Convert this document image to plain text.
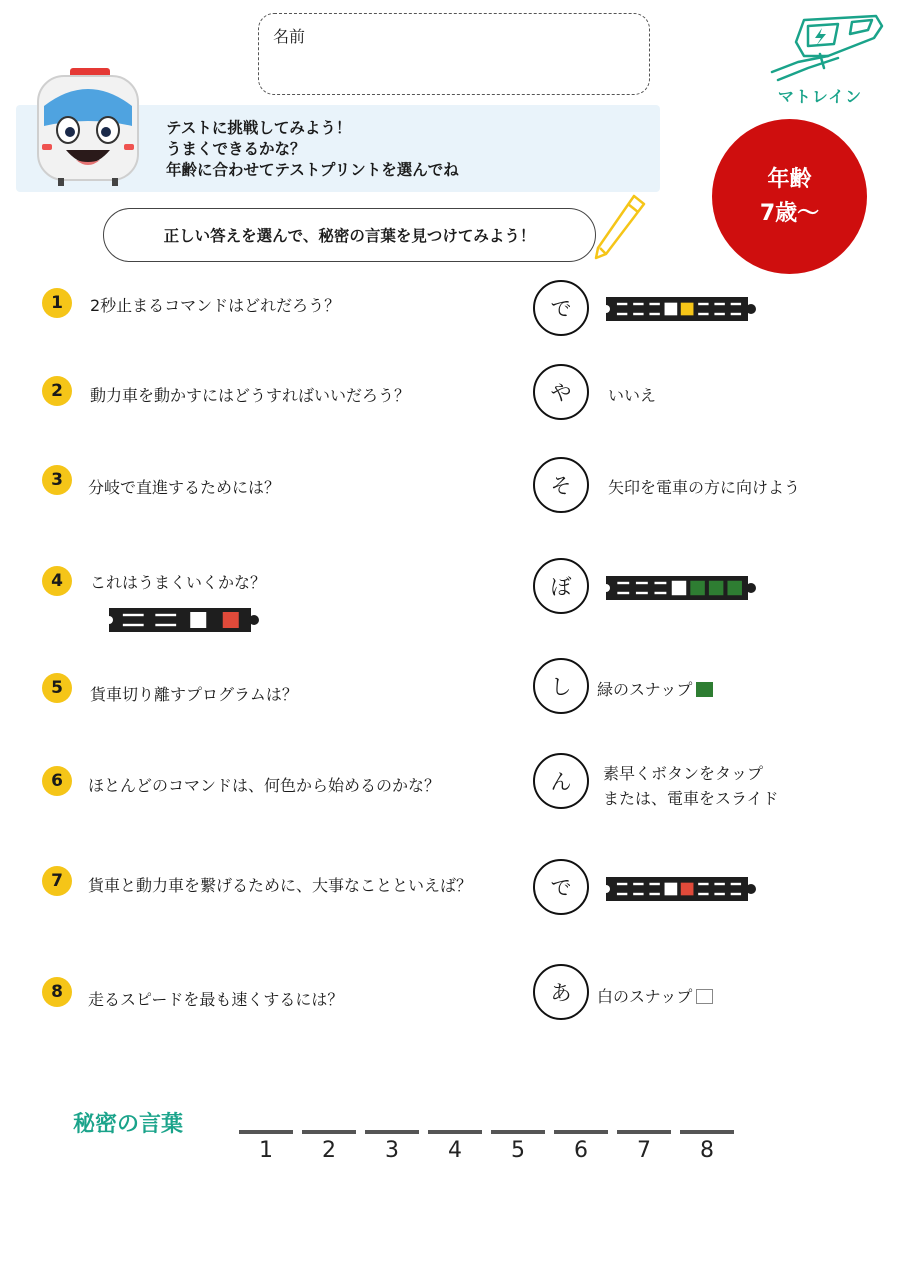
名前
マトレイン
テストに挑戦してみよう！
うまくできるかな？
年齢に合わせてテストプリントを選んでね
正しい答えを選んで、秘密の言葉を見つけてみよう！
年齢
7歳〜
1	2秒止まるコマンドはどれだろう？	で
2	動力車を動かすにはどうすればいいだろう？	や	いいえ
3	分岐で直進するためには？	そ	矢印を電車の方に向けよう
4	これはうまくいくかな？	ぼ
5	貨車切り離すプログラムは？	し	緑のスナップ
6	ほとんどのコマンドは、何色から始めるのかな？	ん	素早くボタンをタップ
または、電車をスライド
7	貨車と動力車を繋げるために、大事なことといえば？	で
8	走るスピードを最も速くするには？	あ	白のスナップ
秘密の言葉
1	2	3	4	5	6	7	8
